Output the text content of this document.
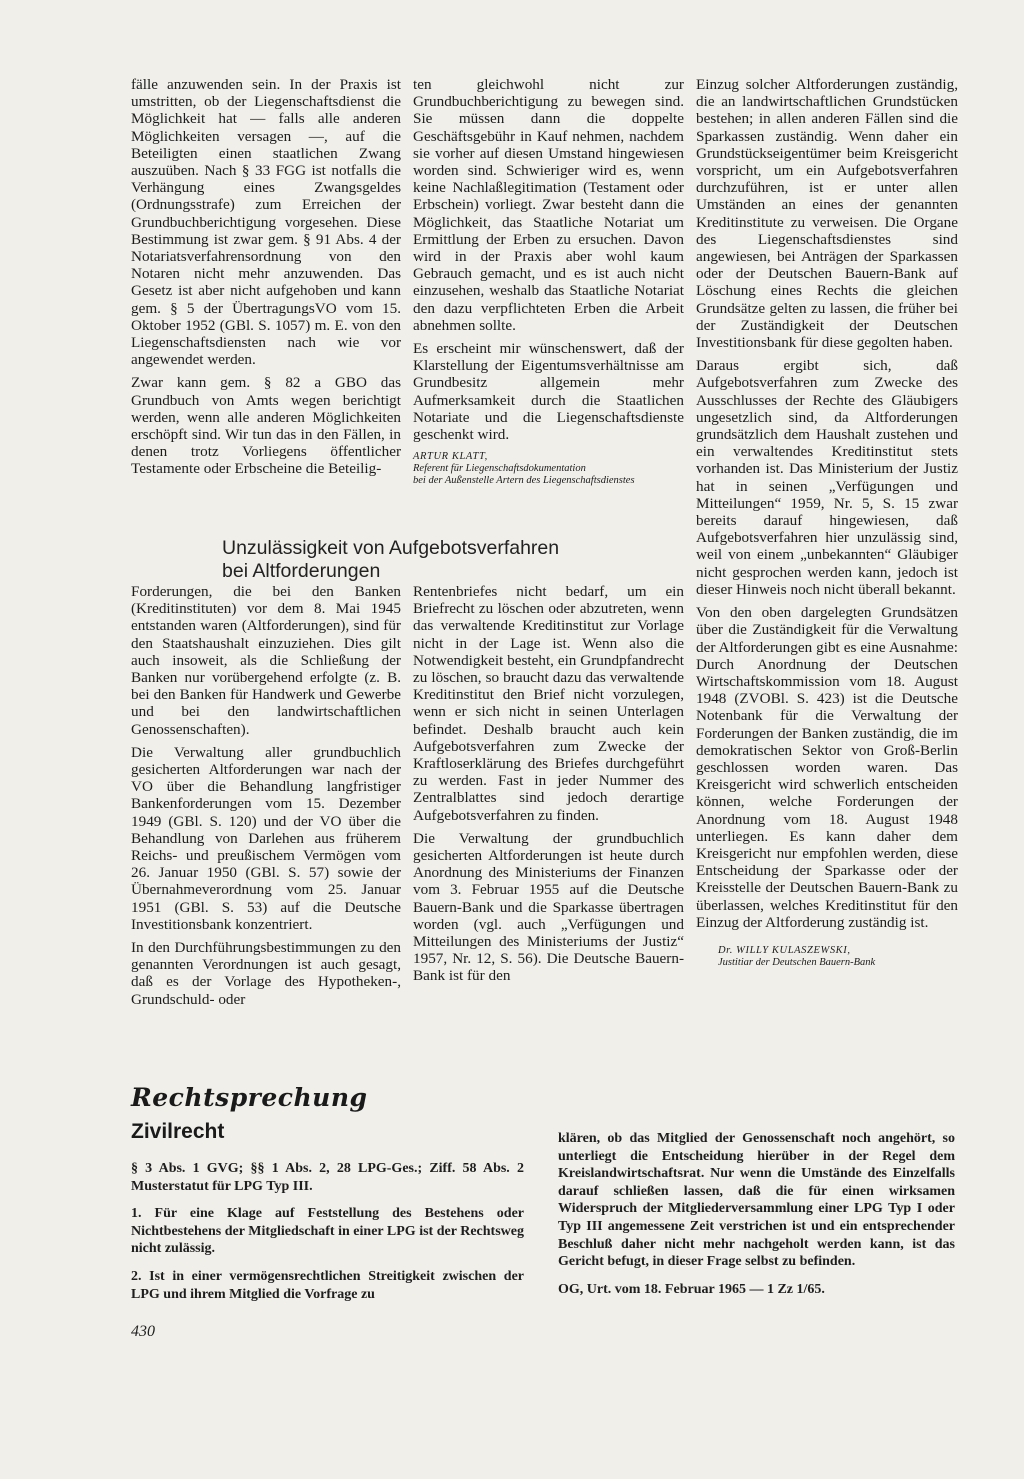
fälle anzuwenden sein. In der Praxis ist umstritten, ob der Liegenschaftsdienst die Möglichkeit hat — falls alle anderen Möglichkeiten versagen —, auf die Beteiligten einen staatlichen Zwang auszuüben. Nach § 33 FGG ist notfalls die Verhängung eines Zwangsgeldes (Ordnungsstrafe) zum Erreichen der Grundbuchberichtigung vorgesehen. Diese Bestimmung ist zwar gem. § 91 Abs. 4 der Notariatsverfahrensordnung von den Notaren nicht mehr anzuwenden. Das Gesetz ist aber nicht aufgehoben und kann gem. § 5 der ÜbertragungsVO vom 15. Oktober 1952 (GBl. S. 1057) m. E. von den Liegenschaftsdiensten nach wie vor angewendet werden.

Zwar kann gem. § 82 a GBO das Grundbuch von Amts wegen berichtigt werden, wenn alle anderen Möglichkeiten erschöpft sind. Wir tun das in den Fällen, in denen trotz Vorliegens öffentlicher Testamente oder Erbscheine die Beteilig-

ten gleichwohl nicht zur Grundbuchberichtigung zu bewegen sind. Sie müssen dann die doppelte Geschäftsgebühr in Kauf nehmen, nachdem sie vorher auf diesen Umstand hingewiesen worden sind. Schwieriger wird es, wenn keine Nachlaßlegitimation (Testament oder Erbschein) vorliegt. Zwar besteht dann die Möglichkeit, das Staatliche Notariat um Ermittlung der Erben zu ersuchen. Davon wird in der Praxis aber wohl kaum Gebrauch gemacht, und es ist auch nicht einzusehen, weshalb das Staatliche Notariat den dazu verpflichteten Erben die Arbeit abnehmen sollte.

Es erscheint mir wünschenswert, daß der Klarstellung der Eigentumsverhältnisse am Grundbesitz allgemein mehr Aufmerksamkeit durch die Staatlichen Notariate und die Liegenschaftsdienste geschenkt wird.

ARTUR KLATT,
Referent für Liegenschaftsdokumentation
bei der Außenstelle Artern des Liegenschaftsdienstes

Einzug solcher Altforderungen zuständig, die an landwirtschaftlichen Grundstücken bestehen; in allen anderen Fällen sind die Sparkassen zuständig. Wenn daher ein Grundstückseigentümer beim Kreisgericht vorspricht, um ein Aufgebotsverfahren durchzuführen, ist er unter allen Umständen an eines der genannten Kreditinstitute zu verweisen. Die Organe des Liegenschaftsdienstes sind angewiesen, bei Anträgen der Sparkassen oder der Deutschen Bauern-Bank auf Löschung eines Rechts die gleichen Grundsätze gelten zu lassen, die früher bei der Zuständigkeit der Deutschen Investitionsbank für diese gegolten haben.

Daraus ergibt sich, daß Aufgebotsverfahren zum Zwecke des Ausschlusses der Rechte des Gläubigers ungesetzlich sind, da Altforderungen grundsätzlich dem Haushalt zustehen und ein verwaltendes Kreditinstitut stets vorhanden ist. Das Ministerium der Justiz hat in seinen „Verfügungen und Mitteilungen“ 1959, Nr. 5, S. 15 zwar bereits darauf hingewiesen, daß Aufgebotsverfahren hier unzulässig sind, weil von einem „unbekannten“ Gläubiger nicht gesprochen werden kann, jedoch ist dieser Hinweis noch nicht überall bekannt.

Von den oben dargelegten Grundsätzen über die Zuständigkeit für die Verwaltung der Altforderungen gibt es eine Ausnahme: Durch Anordnung der Deutschen Wirtschaftskommission vom 18. August 1948 (ZVOBl. S. 423) ist die Deutsche Notenbank für die Verwaltung der Forderungen der Banken zuständig, die im demokratischen Sektor von Groß-Berlin geschlossen worden waren. Das Kreisgericht wird schwerlich entscheiden können, welche Forderungen der Anordnung vom 18. August 1948 unterliegen. Es kann daher dem Kreisgericht nur empfohlen werden, diese Entscheidung der Sparkasse oder der Kreisstelle der Deutschen Bauern-Bank zu überlassen, welches Kreditinstitut für den Einzug der Altforderung zuständig ist.

Dr. WILLY KULASZEWSKI,
Justitiar der Deutschen Bauern-Bank
Unzulässigkeit von Aufgebotsverfahren
bei Altforderungen

Forderungen, die bei den Banken (Kreditinstituten) vor dem 8. Mai 1945 entstanden waren (Altforderungen), sind für den Staatshaushalt einzuziehen. Dies gilt auch insoweit, als die Schließung der Banken nur vorübergehend erfolgte (z. B. bei den Banken für Handwerk und Gewerbe und bei den landwirtschaftlichen Genossenschaften).

Die Verwaltung aller grundbuchlich gesicherten Altforderungen war nach der VO über die Behandlung langfristiger Bankenforderungen vom 15. Dezember 1949 (GBl. S. 120) und der VO über die Behandlung von Darlehen aus früherem Reichs- und preußischem Vermögen vom 26. Januar 1950 (GBl. S. 57) sowie der Übernahmeverordnung vom 25. Januar 1951 (GBl. S. 53) auf die Deutsche Investitionsbank konzentriert.

In den Durchführungsbestimmungen zu den genannten Verordnungen ist auch gesagt, daß es der Vorlage des Hypotheken-, Grundschuld- oder

Rentenbriefes nicht bedarf, um ein Briefrecht zu löschen oder abzutreten, wenn das verwaltende Kreditinstitut zur Vorlage nicht in der Lage ist. Wenn also die Notwendigkeit besteht, ein Grundpfandrecht zu löschen, so braucht dazu das verwaltende Kreditinstitut den Brief nicht vorzulegen, wenn er sich nicht in seinen Unterlagen befindet. Deshalb braucht auch kein Aufgebotsverfahren zum Zwecke der Kraftloserklärung des Briefes durchgeführt zu werden. Fast in jeder Nummer des Zentralblattes sind jedoch derartige Aufgebotsverfahren zu finden.

Die Verwaltung der grundbuchlich gesicherten Altforderungen ist heute durch Anordnung des Ministeriums der Finanzen vom 3. Februar 1955 auf die Deutsche Bauern-Bank und die Sparkasse übertragen worden (vgl. auch „Verfügungen und Mitteilungen des Ministeriums der Justiz“ 1957, Nr. 12, S. 56). Die Deutsche Bauern-Bank ist für den

Rechtsprechung
Zivilrecht

§ 3 Abs. 1 GVG; §§ 1 Abs. 2, 28 LPG-Ges.; Ziff. 58 Abs. 2 Musterstatut für LPG Typ III.

1. Für eine Klage auf Feststellung des Bestehens oder Nichtbestehens der Mitgliedschaft in einer LPG ist der Rechtsweg nicht zulässig.

2. Ist in einer vermögensrechtlichen Streitigkeit zwischen der LPG und ihrem Mitglied die Vorfrage zu

klären, ob das Mitglied der Genossenschaft noch angehört, so unterliegt die Entscheidung hierüber in der Regel dem Kreislandwirtschaftsrat. Nur wenn die Umstände des Einzelfalls darauf schließen lassen, daß die für einen wirksamen Widerspruch der Mitgliederversammlung einer LPG Typ I oder Typ III angemessene Zeit verstrichen ist und ein entsprechender Beschluß daher nicht mehr nachgeholt werden kann, ist das Gericht befugt, in dieser Frage selbst zu befinden.

OG, Urt. vom 18. Februar 1965 — 1 Zz 1/65.

430
